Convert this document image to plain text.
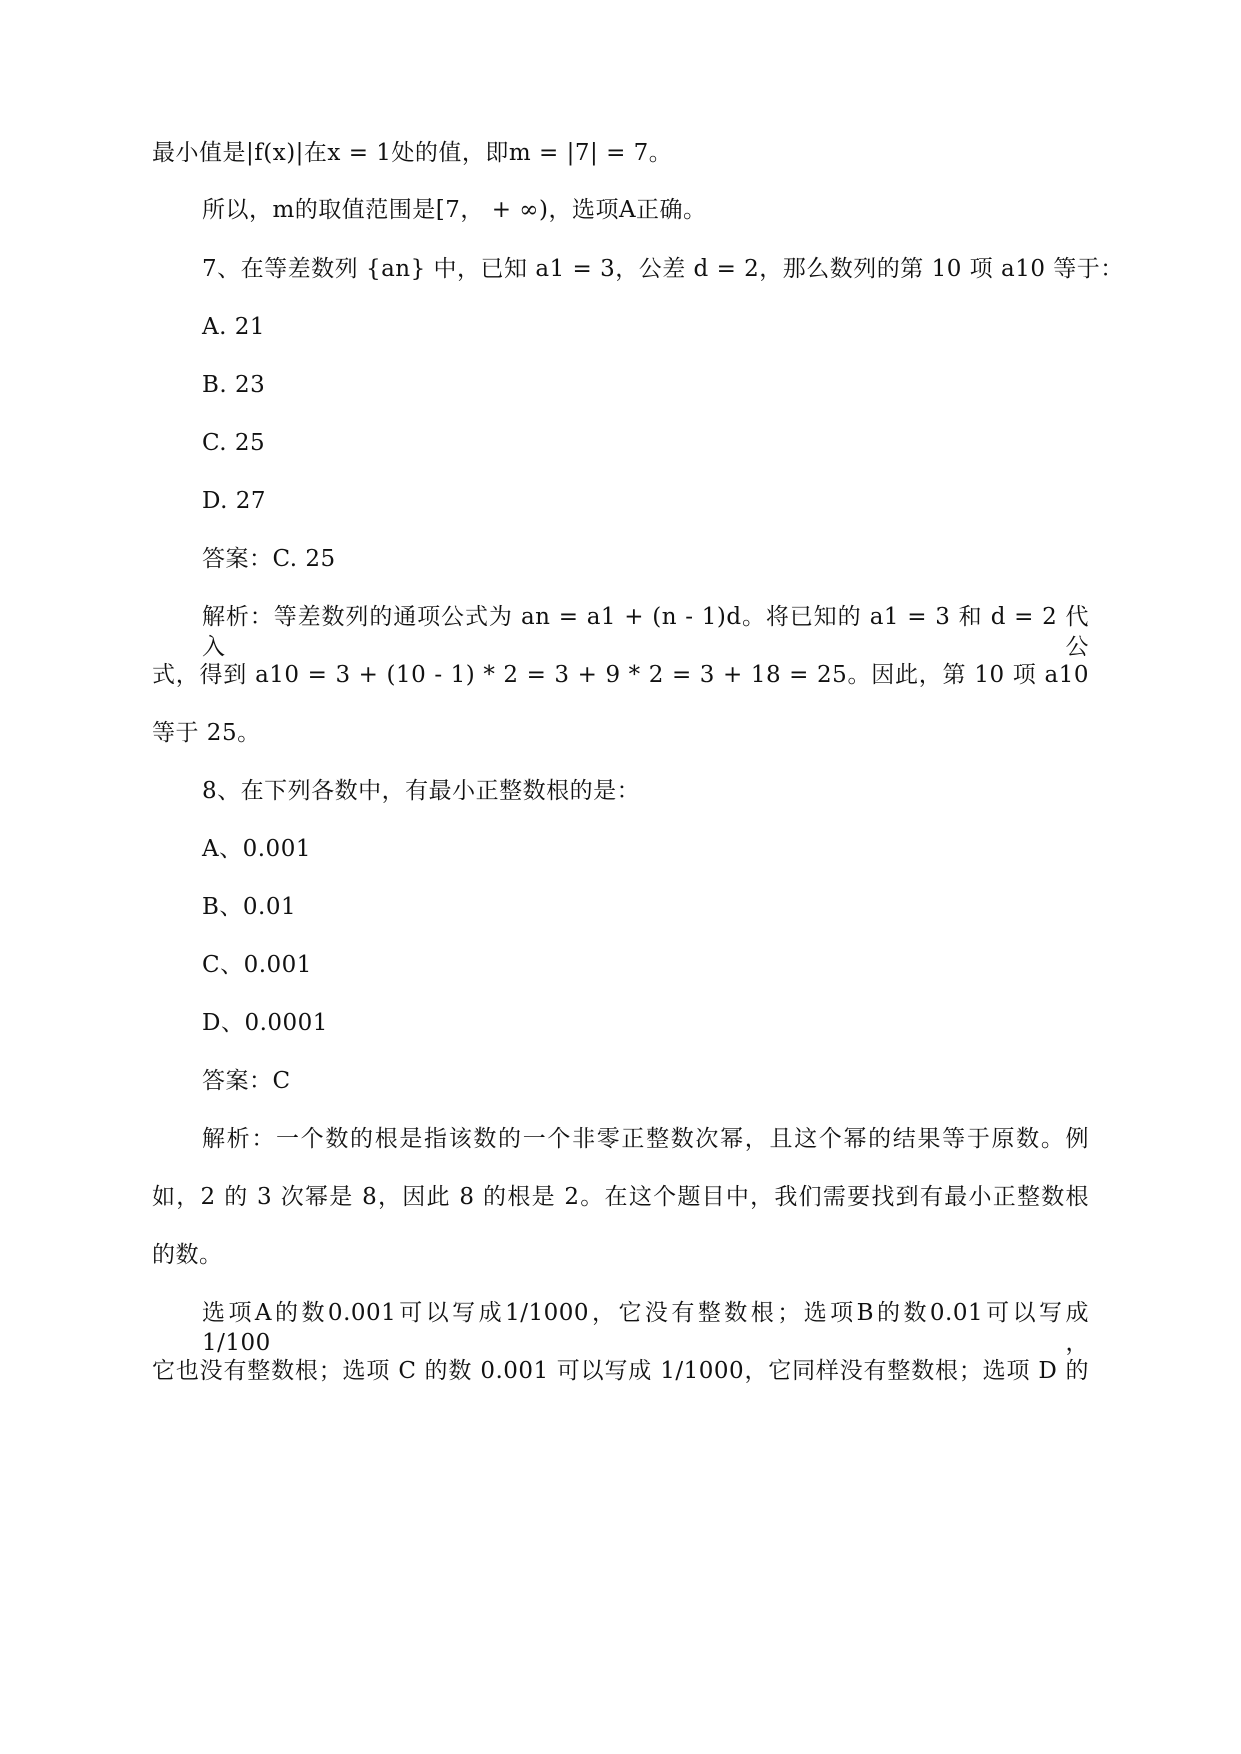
最小值是|f(x)|在x = 1处的值，即m = |7| = 7。
所以，m的取值范围是[7， + ∞)，选项A正确。
7、在等差数列 {an} 中，已知 a1 = 3，公差 d = 2，那么数列的第 10 项 a10 等于：
A. 21
B. 23
C. 25
D. 27
答案：C. 25
解析：等差数列的通项公式为 an = a1 + (n - 1)d。将已知的 a1 = 3 和 d = 2 代入公
式，得到 a10 = 3 + (10 - 1) * 2 = 3 + 9 * 2 = 3 + 18 = 25。因此，第 10 项 a10
等于 25。
8、在下列各数中，有最小正整数根的是：
A、0.001
B、0.01
C、0.001
D、0.0001
答案：C
解析：一个数的根是指该数的一个非零正整数次幂，且这个幂的结果等于原数。例
如，2 的 3 次幂是 8，因此 8 的根是 2。在这个题目中，我们需要找到有最小正整数根
的数。
选项A的数0.001可以写成1/1000，它没有整数根；选项B的数0.01可以写成1/100，
它也没有整数根；选项 C 的数 0.001 可以写成 1/1000，它同样没有整数根；选项 D 的
